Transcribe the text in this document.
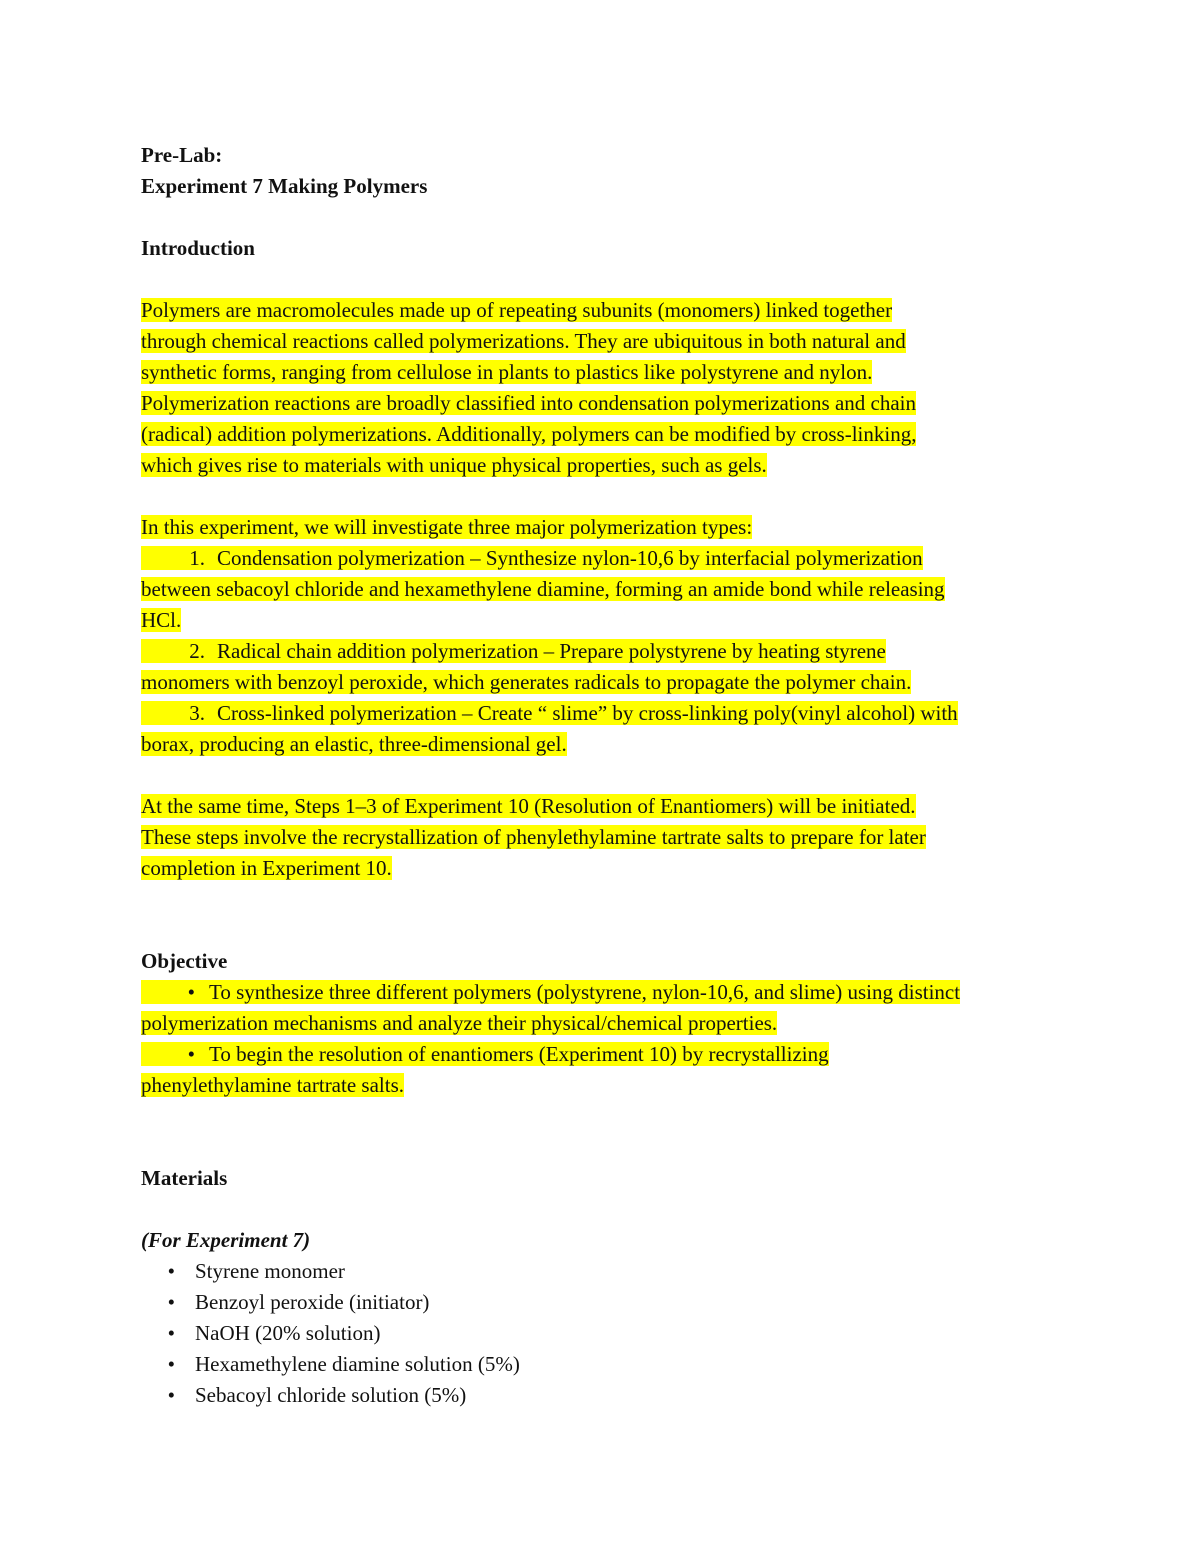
Pre-Lab:
Experiment 7 Making Polymers
Introduction
Polymers are macromolecules made up of repeating subunits (monomers) linked together
through chemical reactions called polymerizations. They are ubiquitous in both natural and
synthetic forms, ranging from cellulose in plants to plastics like polystyrene and nylon.
Polymerization reactions are broadly classified into condensation polymerizations and chain
(radical) addition polymerizations. Additionally, polymers can be modified by cross-linking,
which gives rise to materials with unique physical properties, such as gels.
In this experiment, we will investigate three major polymerization types:
1. Condensation polymerization – Synthesize nylon-10,6 by interfacial polymerization
between sebacoyl chloride and hexamethylene diamine, forming an amide bond while releasing
HCl.
2. Radical chain addition polymerization – Prepare polystyrene by heating styrene
monomers with benzoyl peroxide, which generates radicals to propagate the polymer chain.
3. Cross-linked polymerization – Create “ slime” by cross-linking poly(vinyl alcohol) with
borax, producing an elastic, three-dimensional gel.
At the same time, Steps 1–3 of Experiment 10 (Resolution of Enantiomers) will be initiated.
These steps involve the recrystallization of phenylethylamine tartrate salts to prepare for later
completion in Experiment 10.
Objective
• To synthesize three different polymers (polystyrene, nylon-10,6, and slime) using distinct
polymerization mechanisms and analyze their physical/chemical properties.
• To begin the resolution of enantiomers (Experiment 10) by recrystallizing
phenylethylamine tartrate salts.
Materials
(For Experiment 7)
• Styrene monomer
• Benzoyl peroxide (initiator)
• NaOH (20% solution)
• Hexamethylene diamine solution (5%)
• Sebacoyl chloride solution (5%)
